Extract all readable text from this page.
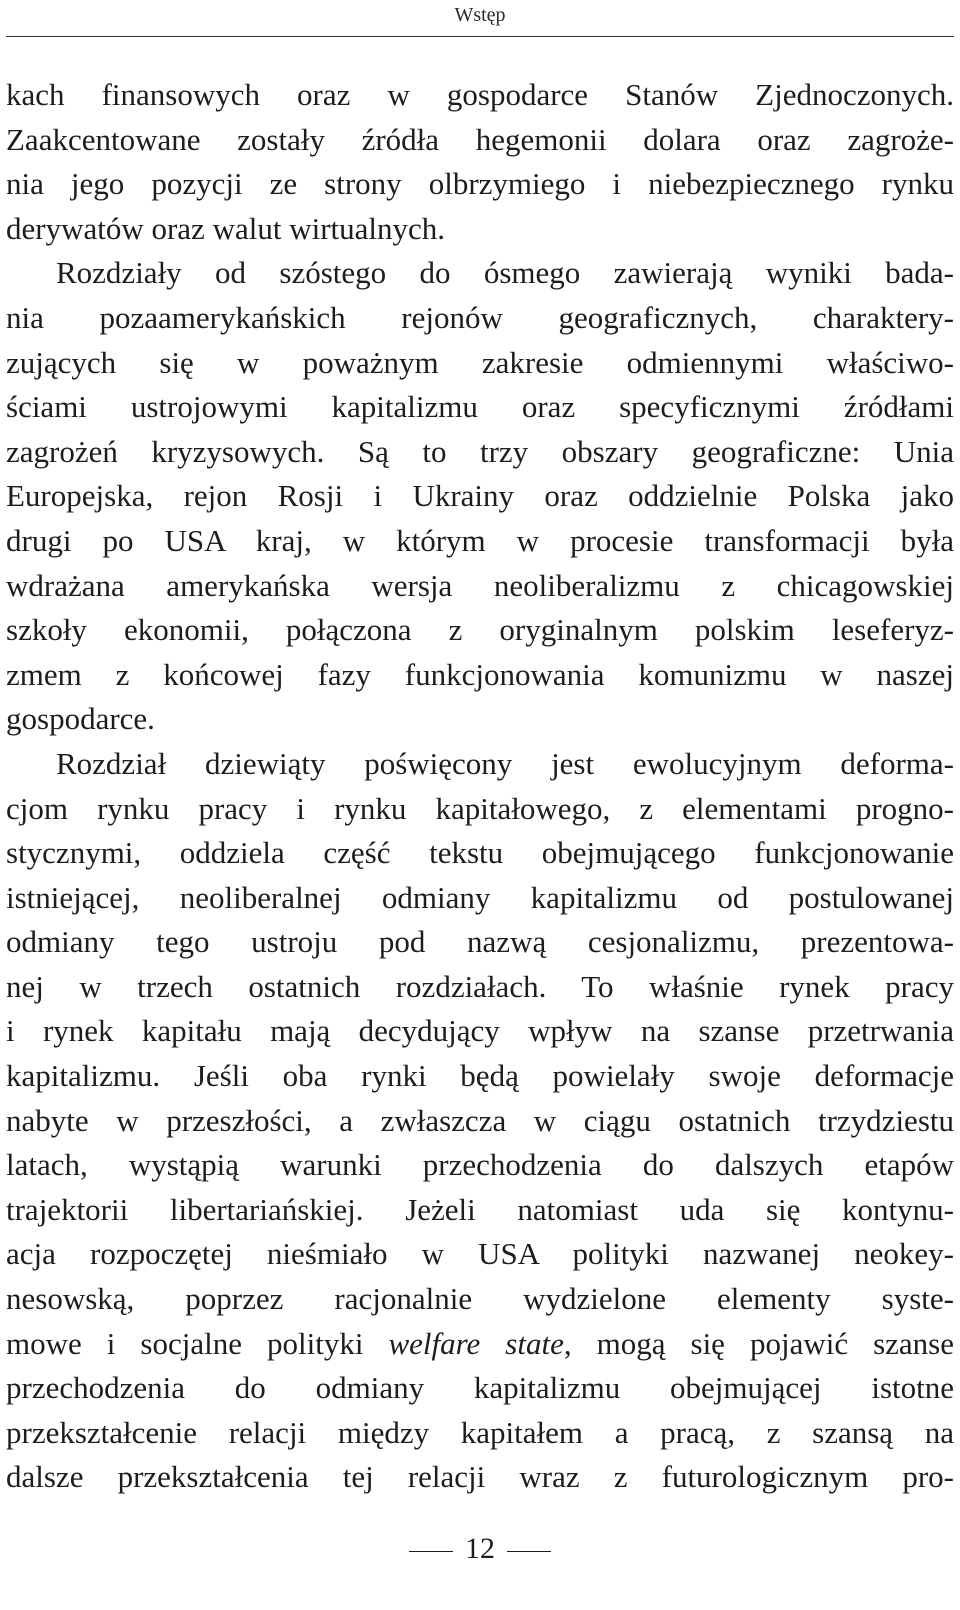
Wstęp
kach finansowych oraz w gospodarce Stanów Zjednoczonych.
Zaakcentowane zostały źródła hegemonii dolara oraz zagroże-
nia jego pozycji ze strony olbrzymiego i niebezpiecznego rynku
derywatów oraz walut wirtualnych.
Rozdziały od szóstego do ósmego zawierają wyniki bada-
nia pozaamerykańskich rejonów geograficznych, charaktery-
zujących się w poważnym zakresie odmiennymi właściwo-
ściami ustrojowymi kapitalizmu oraz specyficznymi źródłami
zagrożeń kryzysowych. Są to trzy obszary geograficzne: Unia
Europejska, rejon Rosji i Ukrainy oraz oddzielnie Polska jako
drugi po USA kraj, w którym w procesie transformacji była
wdrażana amerykańska wersja neoliberalizmu z chicagowskiej
szkoły ekonomii, połączona z oryginalnym polskim leseferyz-
zmem z końcowej fazy funkcjonowania komunizmu w naszej
gospodarce.
Rozdział dziewiąty poświęcony jest ewolucyjnym deforma-
cjom rynku pracy i rynku kapitałowego, z elementami progno-
stycznymi, oddziela część tekstu obejmującego funkcjonowanie
istniejącej, neoliberalnej odmiany kapitalizmu od postulowanej
odmiany tego ustroju pod nazwą cesjonalizmu, prezentowa-
nej w trzech ostatnich rozdziałach. To właśnie rynek pracy
i rynek kapitału mają decydujący wpływ na szanse przetrwania
kapitalizmu. Jeśli oba rynki będą powielały swoje deformacje
nabyte w przeszłości, a zwłaszcza w ciągu ostatnich trzydziestu
latach, wystąpią warunki przechodzenia do dalszych etapów
trajektorii libertariańskiej. Jeżeli natomiast uda się kontynu-
acja rozpoczętej nieśmiało w USA polityki nazwanej neokey-
nesowską, poprzez racjonalnie wydzielone elementy syste-
mowe i socjalne polityki welfare state, mogą się pojawić szanse
przechodzenia do odmiany kapitalizmu obejmującej istotne
przekształcenie relacji między kapitałem a pracą, z szansą na
dalsze przekształcenia tej relacji wraz z futurologicznym pro-
12
